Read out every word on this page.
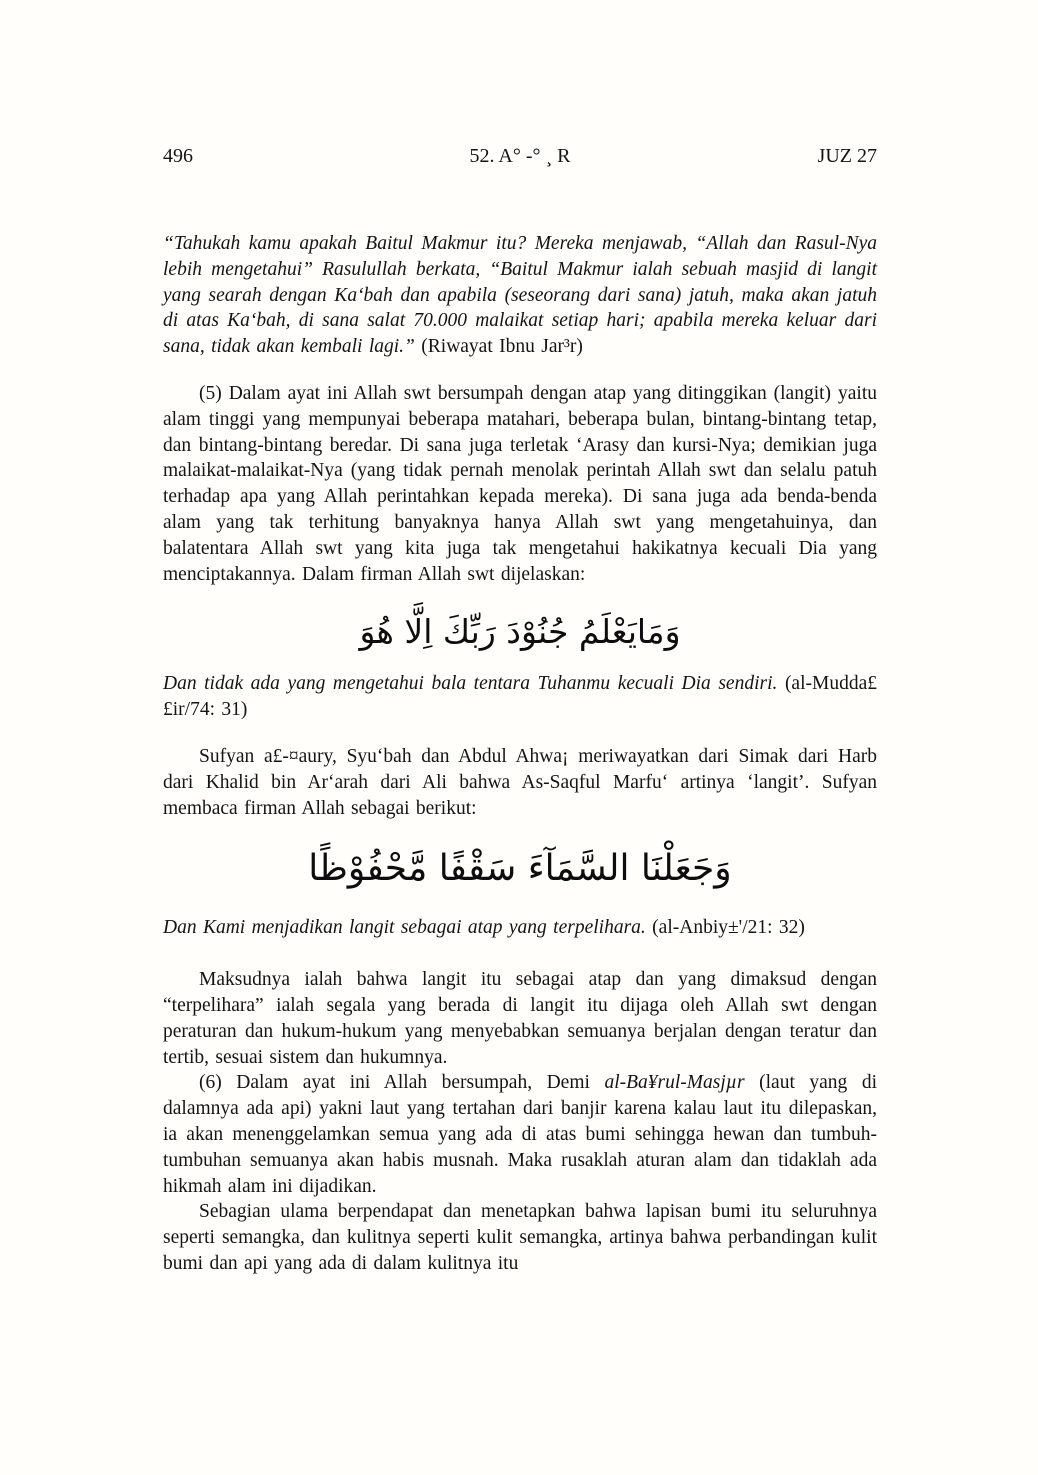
496	52. A° -° ¸ R	JUZ 27

“Tahukah kamu apakah Baitul Makmur itu? Mereka menjawab, “Allah dan Rasul-Nya lebih mengetahui” Rasulullah berkata, “Baitul Makmur ialah sebuah masjid di langit yang searah dengan Ka‘bah dan apabila (seseorang dari sana) jatuh, maka akan jatuh di atas Ka‘bah, di sana salat 70.000 malaikat setiap hari; apabila mereka keluar dari sana, tidak akan kembali lagi.” (Riwayat Ibnu Jar³r)

(5) Dalam ayat ini Allah swt bersumpah dengan atap yang ditinggikan (langit) yaitu alam tinggi yang mempunyai beberapa matahari, beberapa bulan, bintang-bintang tetap, dan bintang-bintang beredar. Di sana juga terletak ‘Arasy dan kursi-Nya; demikian juga malaikat-malaikat-Nya (yang tidak pernah menolak perintah Allah swt dan selalu patuh terhadap apa yang Allah perintahkan kepada mereka). Di sana juga ada benda-benda alam yang tak terhitung banyaknya hanya Allah swt yang mengetahuinya, dan balatentara Allah swt yang kita juga tak mengetahui hakikatnya kecuali Dia yang menciptakannya. Dalam firman Allah swt dijelaskan:

وَمَايَعْلَمُ جُنُوْدَ رَبِّكَ اِلَّا هُوَ

Dan tidak ada yang mengetahui bala tentara Tuhanmu kecuali Dia sendiri. (al-Mudda££ir/74: 31)

Sufyan a£-¤aury, Syu‘bah dan Abdul Ahwa¡ meriwayatkan dari Simak dari Harb dari Khalid bin Ar‘arah dari Ali bahwa As-Saqful Marfu‘ artinya ‘langit’. Sufyan membaca firman Allah sebagai berikut:

وَجَعَلْنَا السَّمَآءَ سَقْفًا مَّحْفُوْظًا

Dan Kami menjadikan langit sebagai atap yang terpelihara. (al-Anbiy±'/21: 32)

Maksudnya ialah bahwa langit itu sebagai atap dan yang dimaksud dengan “terpelihara” ialah segala yang berada di langit itu dijaga oleh Allah swt dengan peraturan dan hukum-hukum yang menyebabkan semuanya berjalan dengan teratur dan tertib, sesuai sistem dan hukumnya.

(6) Dalam ayat ini Allah bersumpah, Demi al-Ba¥rul-Masjµr (laut yang di dalamnya ada api) yakni laut yang tertahan dari banjir karena kalau laut itu dilepaskan, ia akan menenggelamkan semua yang ada di atas bumi sehingga hewan dan tumbuh-tumbuhan semuanya akan habis musnah. Maka rusaklah aturan alam dan tidaklah ada hikmah alam ini dijadikan.

Sebagian ulama berpendapat dan menetapkan bahwa lapisan bumi itu seluruhnya seperti semangka, dan kulitnya seperti kulit semangka, artinya bahwa perbandingan kulit bumi dan api yang ada di dalam kulitnya itu
